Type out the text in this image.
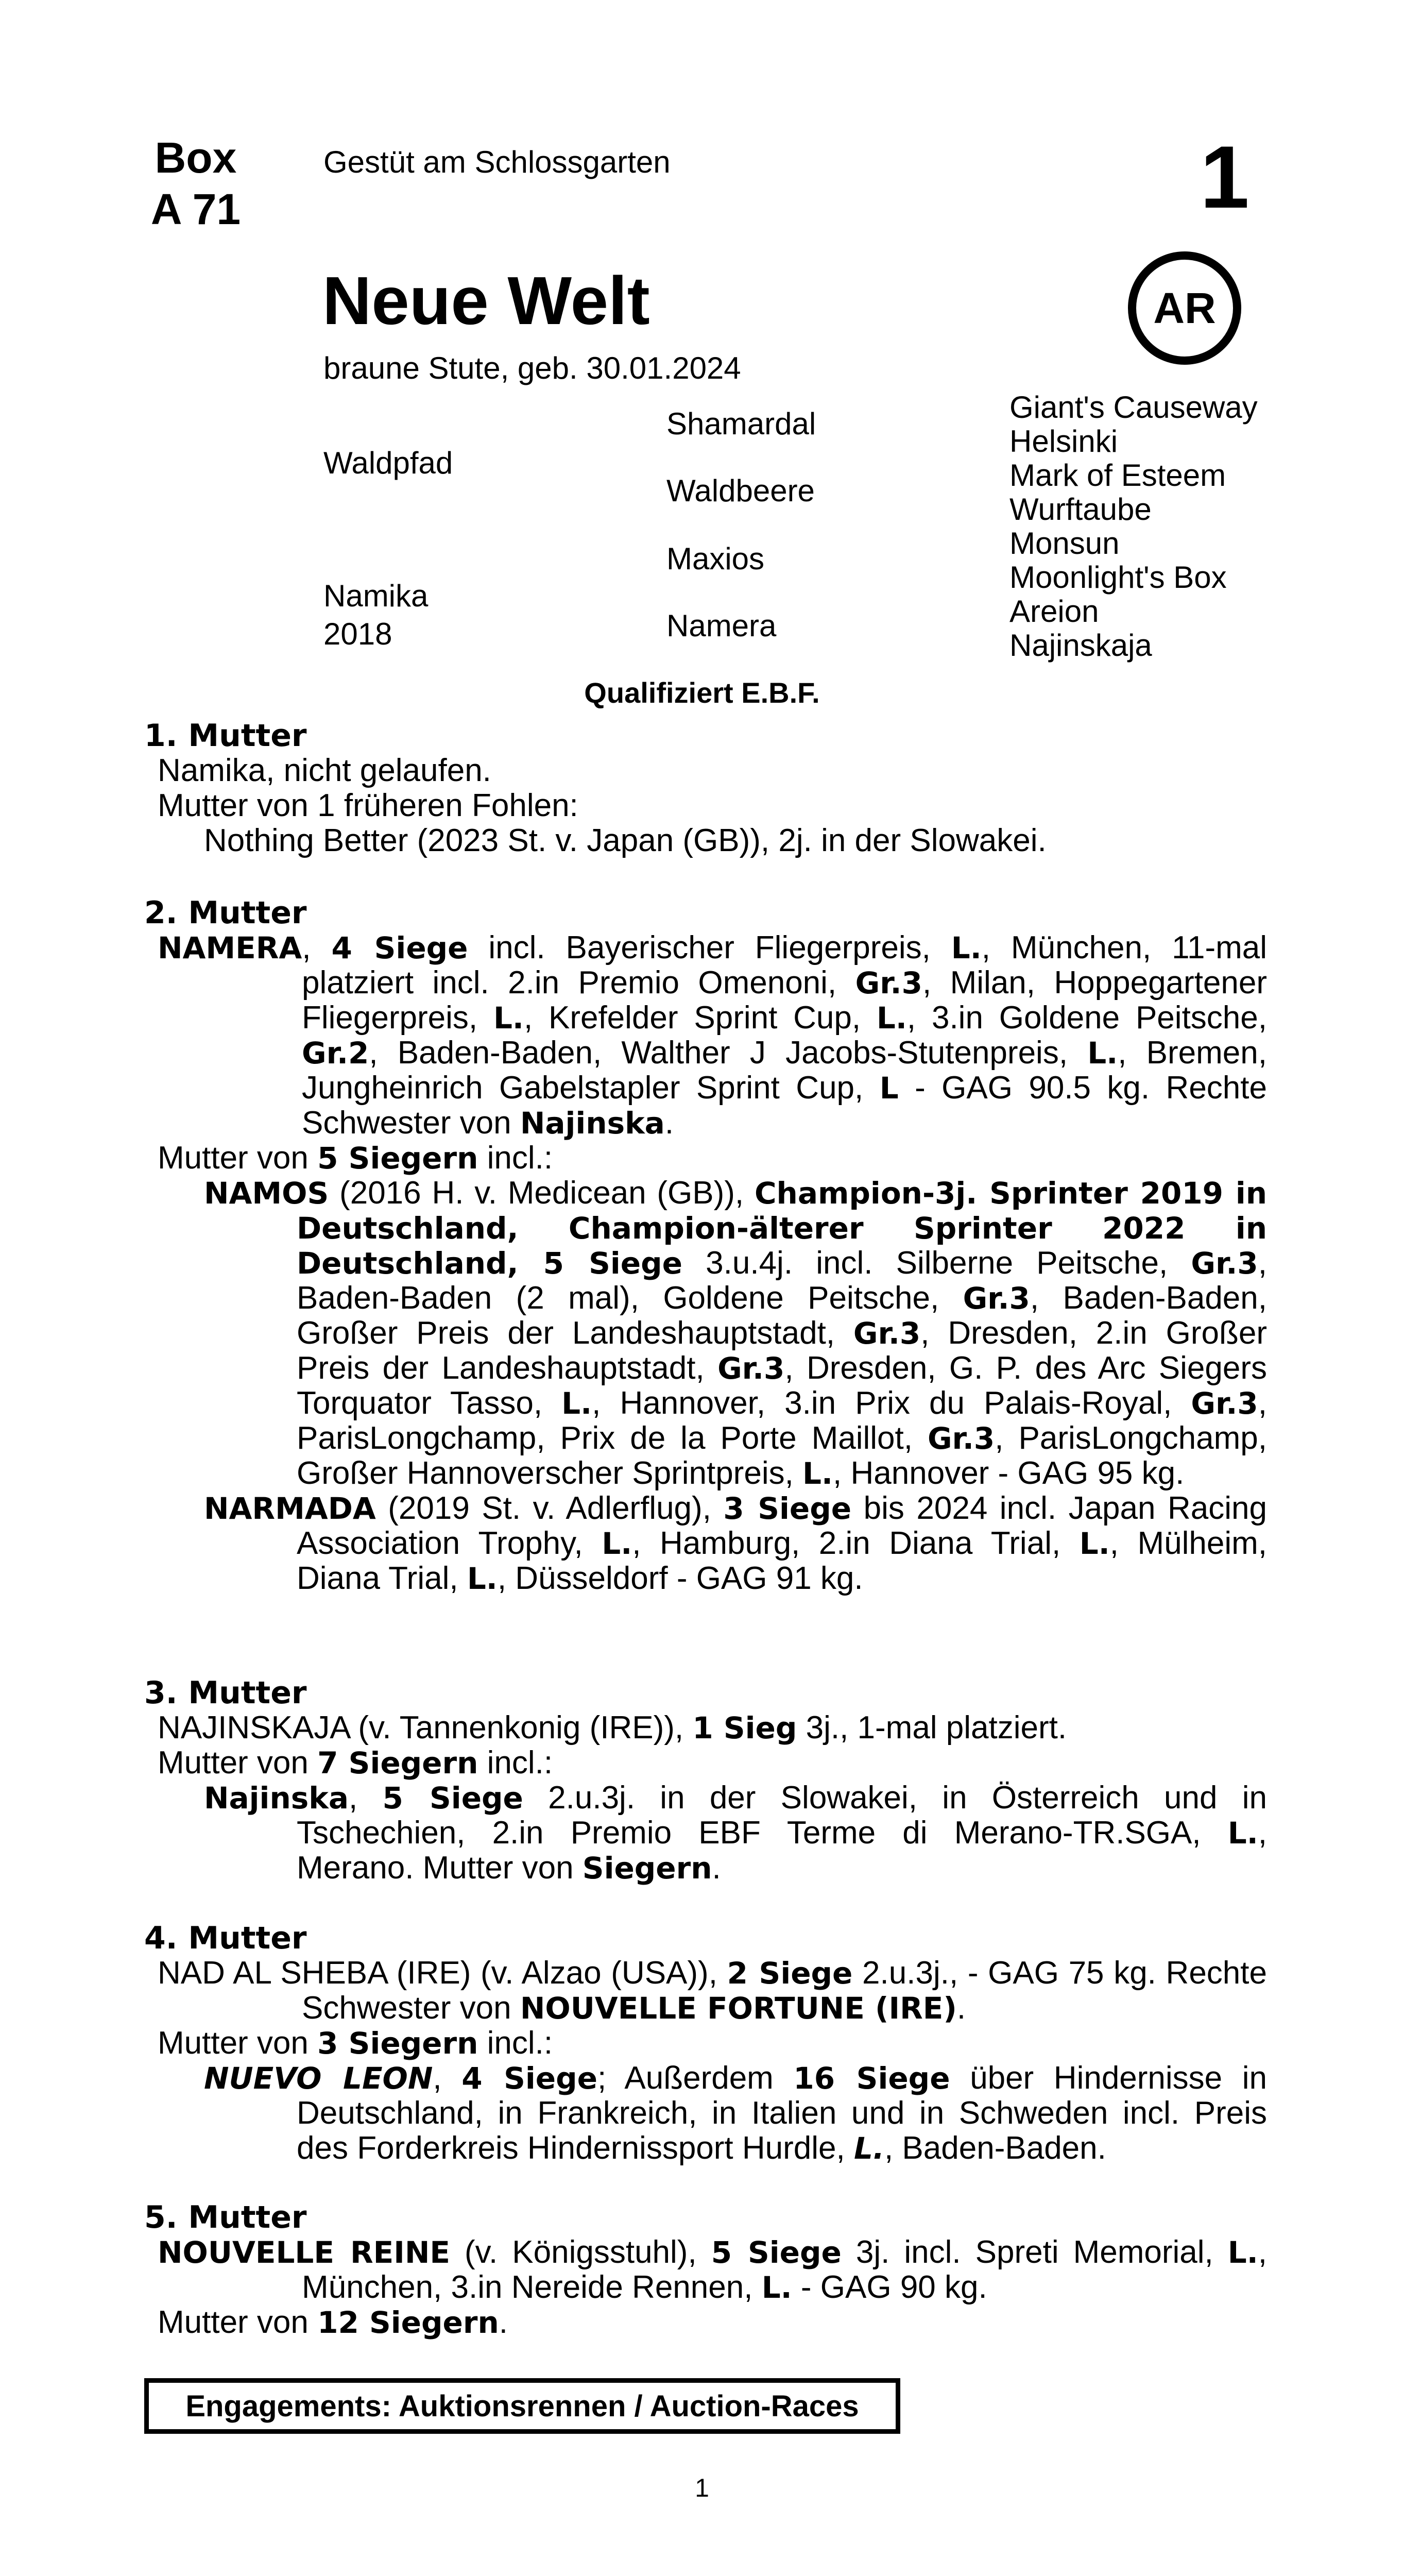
Box
A 71
Gestüt am Schlossgarten	1
Neue Welt	AR
braune Stute, geb. 30.01.2024
Waldpfad
Namika
2018
Shamardal
Waldbeere
Maxios
Namera
Giant's Causeway
Helsinki
Mark of Esteem
Wurftaube
Monsun
Moonlight's Box
Areion
Najinskaja
Qualifiziert E.B.F.
1. Mutter

Namika, nicht gelaufen.

Mutter von 1 früheren Fohlen:

Nothing Better (2023 St. v. Japan (GB)), 2j. in der Slowakei.

2. Mutter

NAMERA, 4 Siege incl. Bayerischer Fliegerpreis, L., München, 11-mal platziert incl. 2.in Premio Omenoni, Gr.3, Milan, Hoppegartener Fliegerpreis, L., Krefelder Sprint Cup, L., 3.in Goldene Peitsche, Gr.2, Baden-Baden, Walther J Jacobs-Stutenpreis, L., Bremen, Jungheinrich Gabelstapler Sprint Cup, L - GAG 90.5 kg. Rechte Schwester von Najinska.

Mutter von 5 Siegern incl.:

NAMOS (2016 H. v. Medicean (GB)), Champion-3j. Sprinter 2019 in Deutschland, Champion-älterer Sprinter 2022 in Deutschland, 5 Siege 3.u.4j. incl. Silberne Peitsche, Gr.3, Baden-Baden (2 mal), Goldene Peitsche, Gr.3, Baden-Baden, Großer Preis der Landeshauptstadt, Gr.3, Dresden, 2.in Großer Preis der Landeshauptstadt, Gr.3, Dresden, G. P. des Arc Siegers Torquator Tasso, L., Hannover, 3.in Prix du Palais-Royal, Gr.3, ParisLongchamp, Prix de la Porte Maillot, Gr.3, ParisLongchamp, Großer Hannoverscher Sprintpreis, L., Hannover - GAG 95 kg.

NARMADA (2019 St. v. Adlerflug), 3 Siege bis 2024 incl. Japan Racing Association Trophy, L., Hamburg, 2.in Diana Trial, L., Mülheim, Diana Trial, L., Düsseldorf - GAG 91 kg.

3. Mutter

NAJINSKAJA (v. Tannenkonig (IRE)), 1 Sieg 3j., 1-mal platziert.

Mutter von 7 Siegern incl.:

Najinska, 5 Siege 2.u.3j. in der Slowakei, in Österreich und in Tschechien, 2.in Premio EBF Terme di Merano-TR.SGA, L., Merano. Mutter von Siegern.

4. Mutter

NAD AL SHEBA (IRE) (v. Alzao (USA)), 2 Siege 2.u.3j., - GAG 75 kg. Rechte Schwester von NOUVELLE FORTUNE (IRE).

Mutter von 3 Siegern incl.:

NUEVO LEON, 4 Siege; Außerdem 16 Siege über Hindernisse in Deutschland, in Frankreich, in Italien und in Schweden incl. Preis des Forderkreis Hindernissport Hurdle, L., Baden-Baden.

5. Mutter

NOUVELLE REINE (v. Königsstuhl), 5 Siege 3j. incl. Spreti Memorial, L., München, 3.in Nereide Rennen, L. - GAG 90 kg.

Mutter von 12 Siegern.

Engagements: Auktionsrennen / Auction-Races
1
